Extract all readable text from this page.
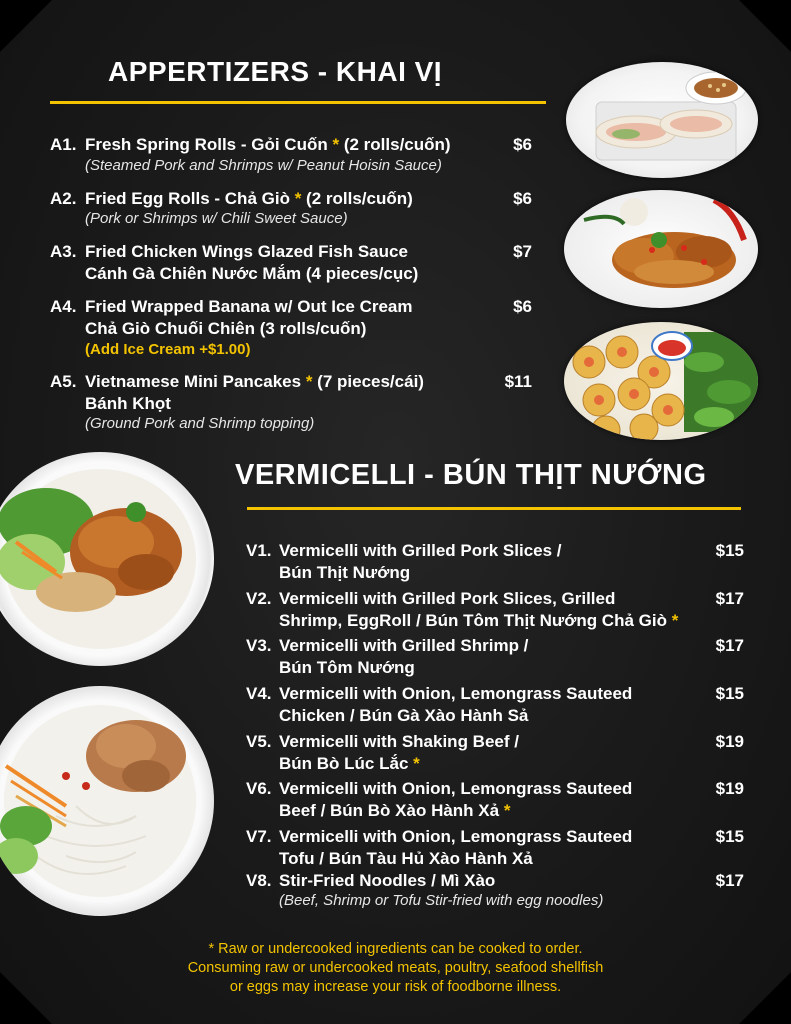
APPERTIZERS - KHAI VỊ
A1. Fresh Spring Rolls - Gỏi Cuốn * (2 rolls/cuốn)
(Steamed Pork and Shrimps w/ Peanut Hoisin Sauce)
$6
A2. Fried Egg Rolls - Chả Giò * (2 rolls/cuốn)
(Pork or Shrimps w/ Chili Sweet Sauce)
$6
A3. Fried Chicken Wings Glazed Fish Sauce
Cánh Gà Chiên Nước Mắm (4 pieces/cục)
$7
A4. Fried Wrapped Banana w/ Out Ice Cream
Chả Giò Chuối Chiên (3 rolls/cuốn)
(Add Ice Cream +$1.00)
$6
A5. Vietnamese Mini Pancakes * (7 pieces/cái)
Bánh Khọt
(Ground Pork and Shrimp topping)
$11
VERMICELLI - BÚN THỊT NƯỚNG
V1. Vermicelli with Grilled Pork Slices /
Bún Thịt Nướng
$15
V2. Vermicelli with Grilled Pork Slices, Grilled
Shrimp, EggRoll / Bún Tôm Thịt Nướng Chả Giò *
$17
V3. Vermicelli with Grilled Shrimp /
Bún Tôm Nướng
$17
V4. Vermicelli with Onion, Lemongrass Sauteed
Chicken / Bún Gà Xào Hành Sả
$15
V5. Vermicelli with Shaking Beef /
Bún Bò Lúc Lắc *
$19
V6. Vermicelli with Onion, Lemongrass Sauteed
Beef / Bún Bò Xào Hành Xả *
$19
V7. Vermicelli with Onion, Lemongrass Sauteed
Tofu / Bún Tàu Hủ Xào Hành Xả
$15
V8. Stir-Fried Noodles / Mì Xào
(Beef, Shrimp or Tofu Stir-fried with egg noodles)
$17
* Raw or undercooked ingredients can be cooked to order.
Consuming raw or undercooked meats, poultry, seafood shellfish
or eggs may increase your risk of foodborne illness.
